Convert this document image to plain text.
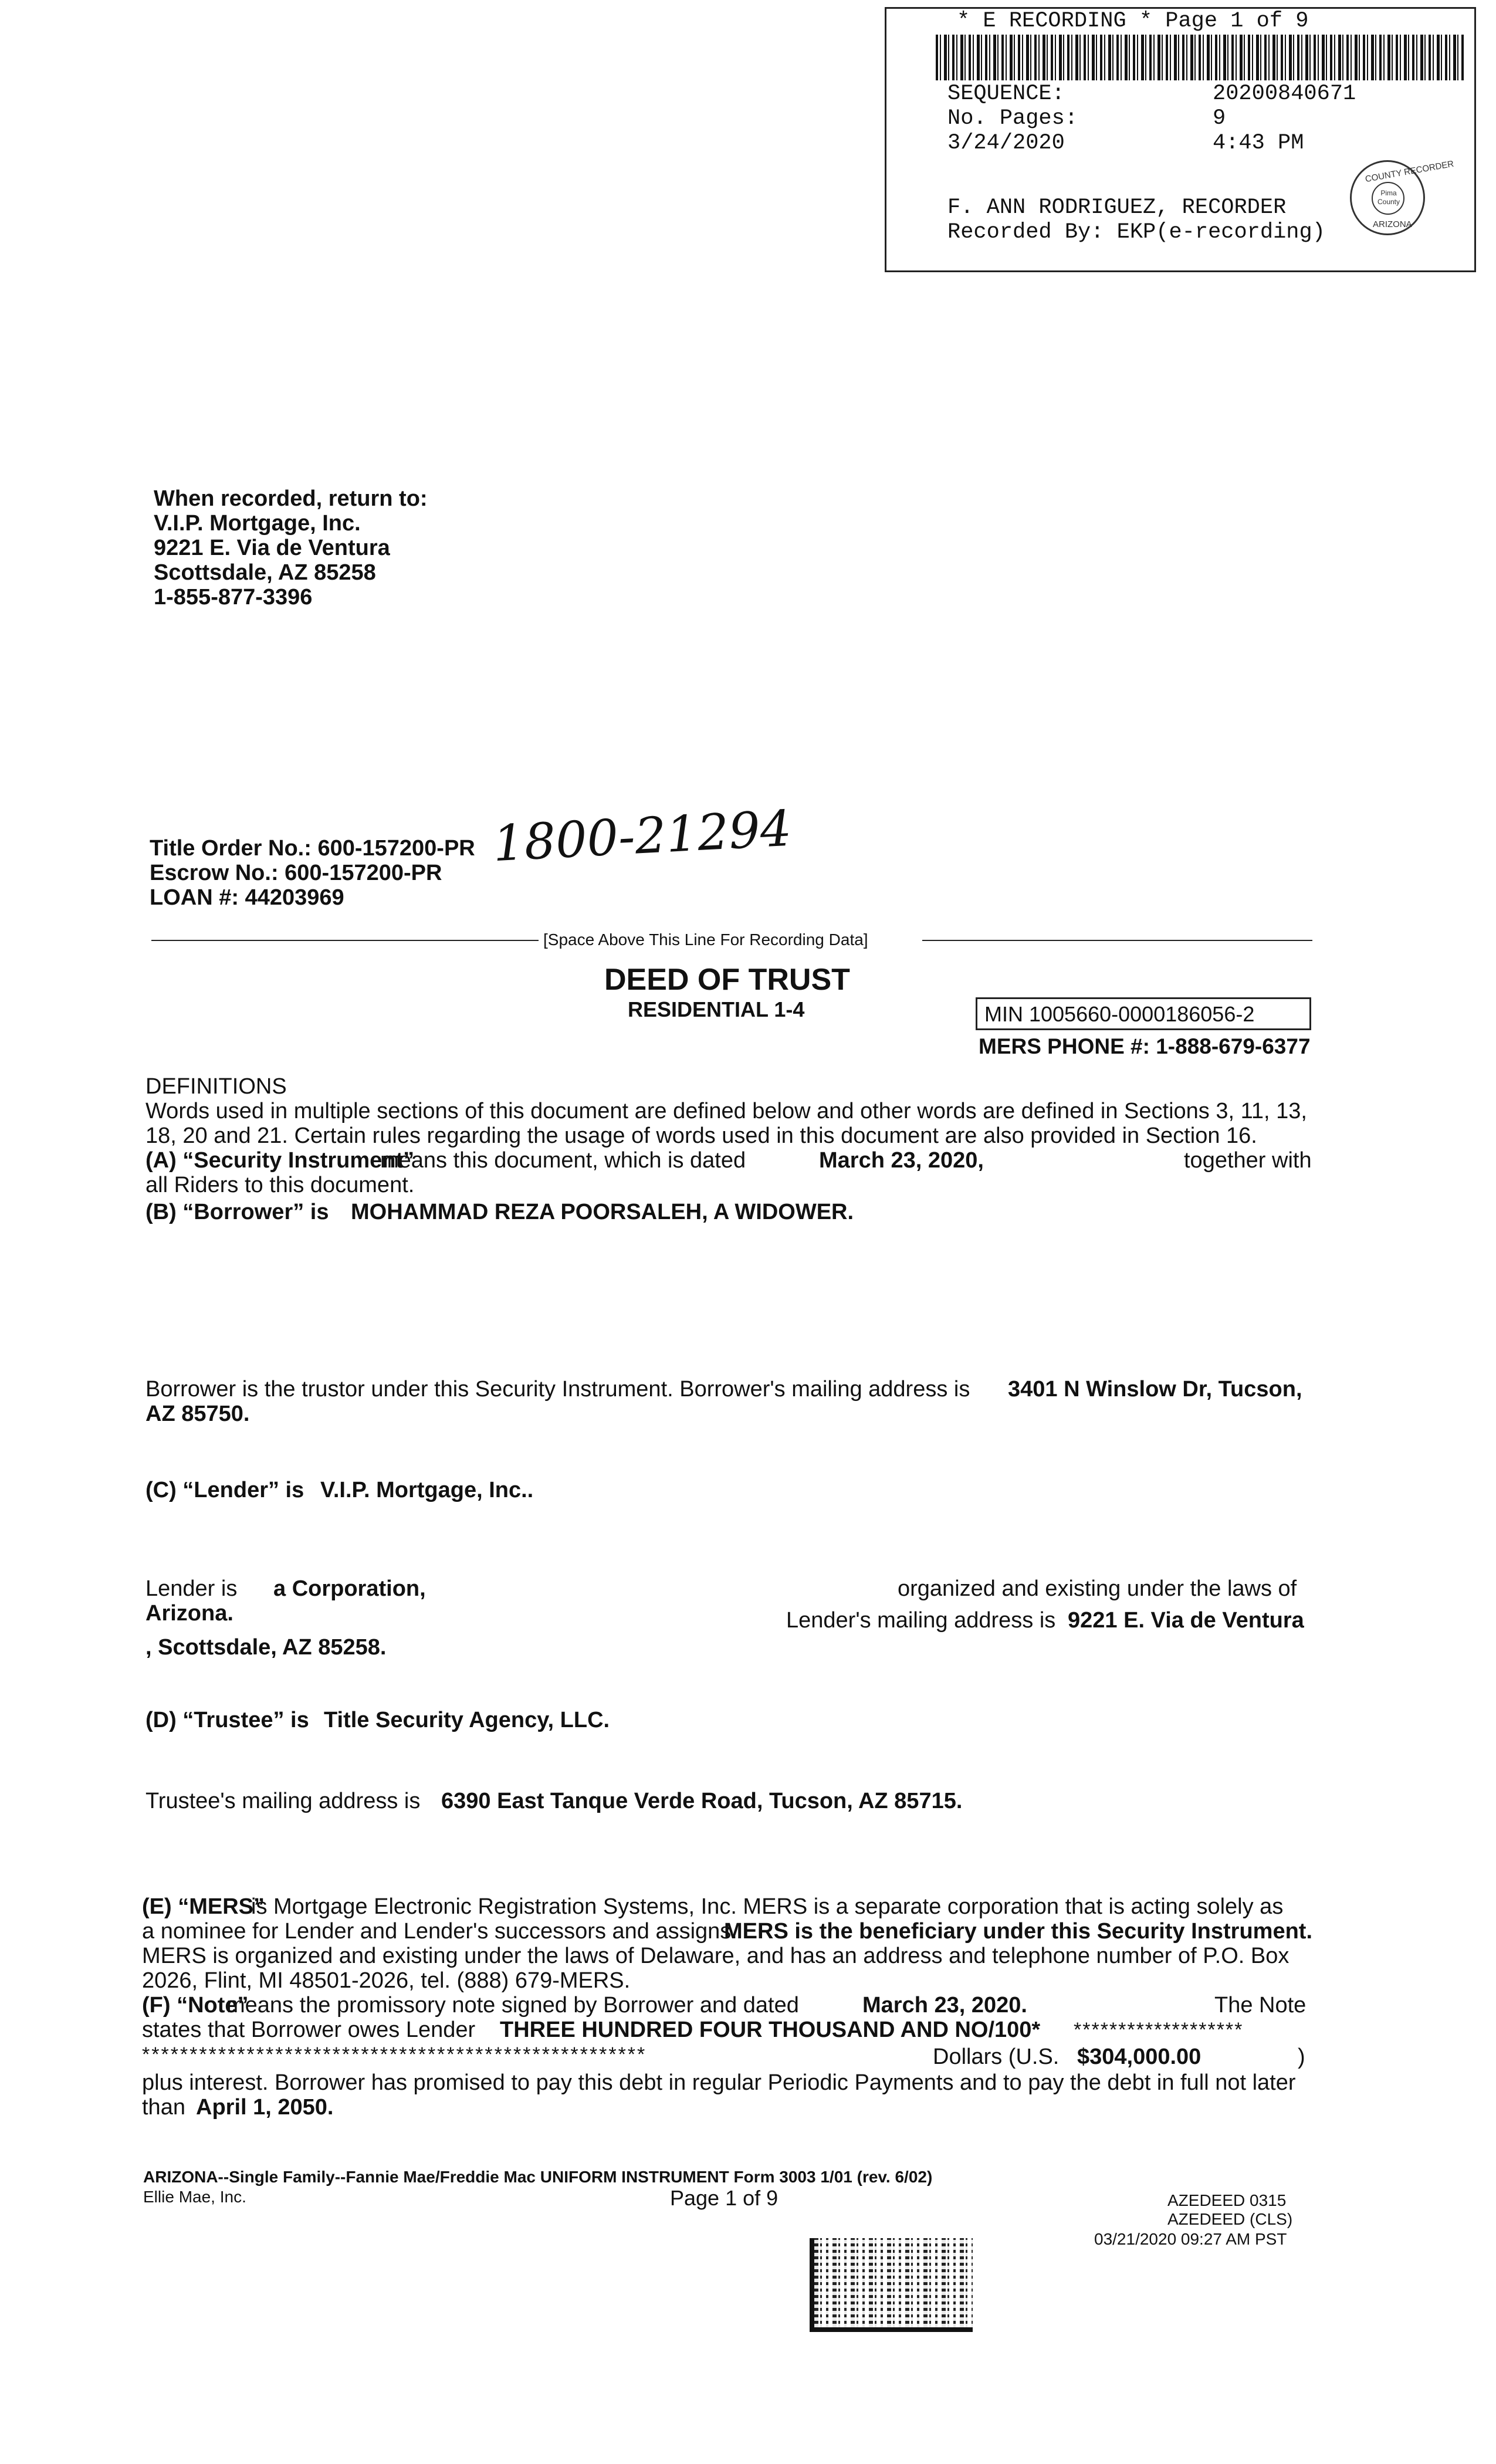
* E RECORDING * Page 1 of 9
SEQUENCE:	20200840671
No. Pages:	9
3/24/2020	4:43 PM
F. ANN RODRIGUEZ, RECORDER
Recorded By: EKP(e-recording)
COUNTY RECORDER
Pima County
ARIZONA
When recorded, return to:
V.I.P. Mortgage, Inc.
9221 E. Via de Ventura
Scottsdale, AZ 85258
1-855-877-3396
Title Order No.: 600-157200-PR
Escrow No.: 600-157200-PR
LOAN #: 44203969
1800-21294
[Space Above This Line For Recording Data]
DEED OF TRUST
RESIDENTIAL 1-4	MIN 1005660-0000186056-2
MERS PHONE #: 1-888-679-6377
DEFINITIONS
Words used in multiple sections of this document are defined below and other words are defined in Sections 3, 11, 13,
18, 20 and 21. Certain rules regarding the usage of words used in this document are also provided in Section 16.
(A) “Security Instrument”
means this document, which is dated	March 23, 2020,	together with
all Riders to this document.
(B) “Borrower” is MOHAMMAD REZA POORSALEH, A WIDOWER.
Borrower is the trustor under this Security Instrument. Borrower's mailing address is 3401 N Winslow Dr, Tucson,
AZ 85750.
(C) “Lender” is V.I.P. Mortgage, Inc..
Lender is a Corporation,	organized and existing under the laws of
Arizona.	Lender's mailing address is 9221 E. Via de Ventura
, Scottsdale, AZ 85258.
(D) “Trustee” is Title Security Agency, LLC.
Trustee's mailing address is 6390 East Tanque Verde Road, Tucson, AZ 85715.
(E) “MERS”
is Mortgage Electronic Registration Systems, Inc. MERS is a separate corporation that is acting solely as
a nominee for Lender and Lender's successors and assigns.
MERS is the beneficiary under this Security Instrument.
MERS is organized and existing under the laws of Delaware, and has an address and telephone number of P.O. Box
2026, Flint, MI 48501-2026, tel. (888) 679-MERS.
(F) “Note”
means the promissory note signed by Borrower and dated	March 23, 2020.	The Note
states that Borrower owes Lender THREE HUNDRED FOUR THOUSAND AND NO/100* *******************
*****************************************************	Dollars (U.S. $304,000.00	)
plus interest. Borrower has promised to pay this debt in regular Periodic Payments and to pay the debt in full not later
than April 1, 2050.
ARIZONA--Single Family--Fannie Mae/Freddie Mac UNIFORM INSTRUMENT Form 3003 1/01 (rev. 6/02)
Ellie Mae, Inc.	Page 1 of 9	AZEDEED 0315
AZEDEED (CLS)
03/21/2020 09:27 AM PST
